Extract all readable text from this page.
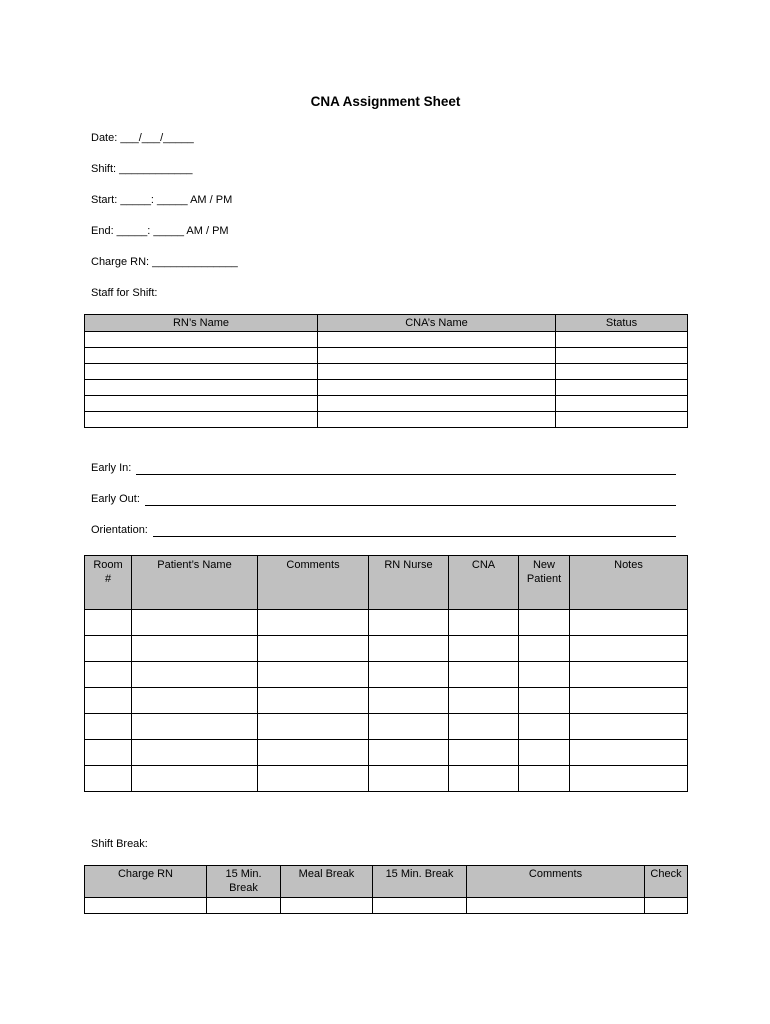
CNA Assignment Sheet
Date: ___/___/_____
Shift: ____________
Start: _____: _____ AM / PM
End: _____: _____ AM / PM
Charge RN: ______________
Staff for Shift:
RN’s Name	CNA’s Name	Status

Early In:
Early Out:
Orientation:
Room #	Patient’s Name	Comments	RN Nurse	CNA	New Patient	Notes

Shift Break:
Charge RN	15 Min. Break	Meal Break	15 Min. Break	Comments	Check
